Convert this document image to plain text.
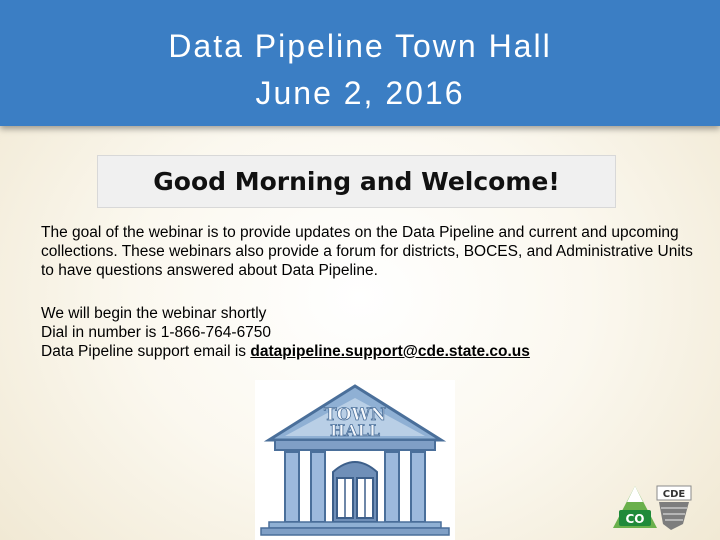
Data Pipeline Town Hall
June 2, 2016
Good Morning and Welcome!

The goal of the webinar is to provide updates on the Data Pipeline and current and upcoming collections. These webinars also provide a forum for districts, BOCES, and Administrative Units to have questions answered about Data Pipeline.

We will begin the webinar shortly

Dial in number is 1-866-764-6750

Data Pipeline support email is datapipeline.support@cde.state.co.us

TOWN
HALL
CO
CDE
